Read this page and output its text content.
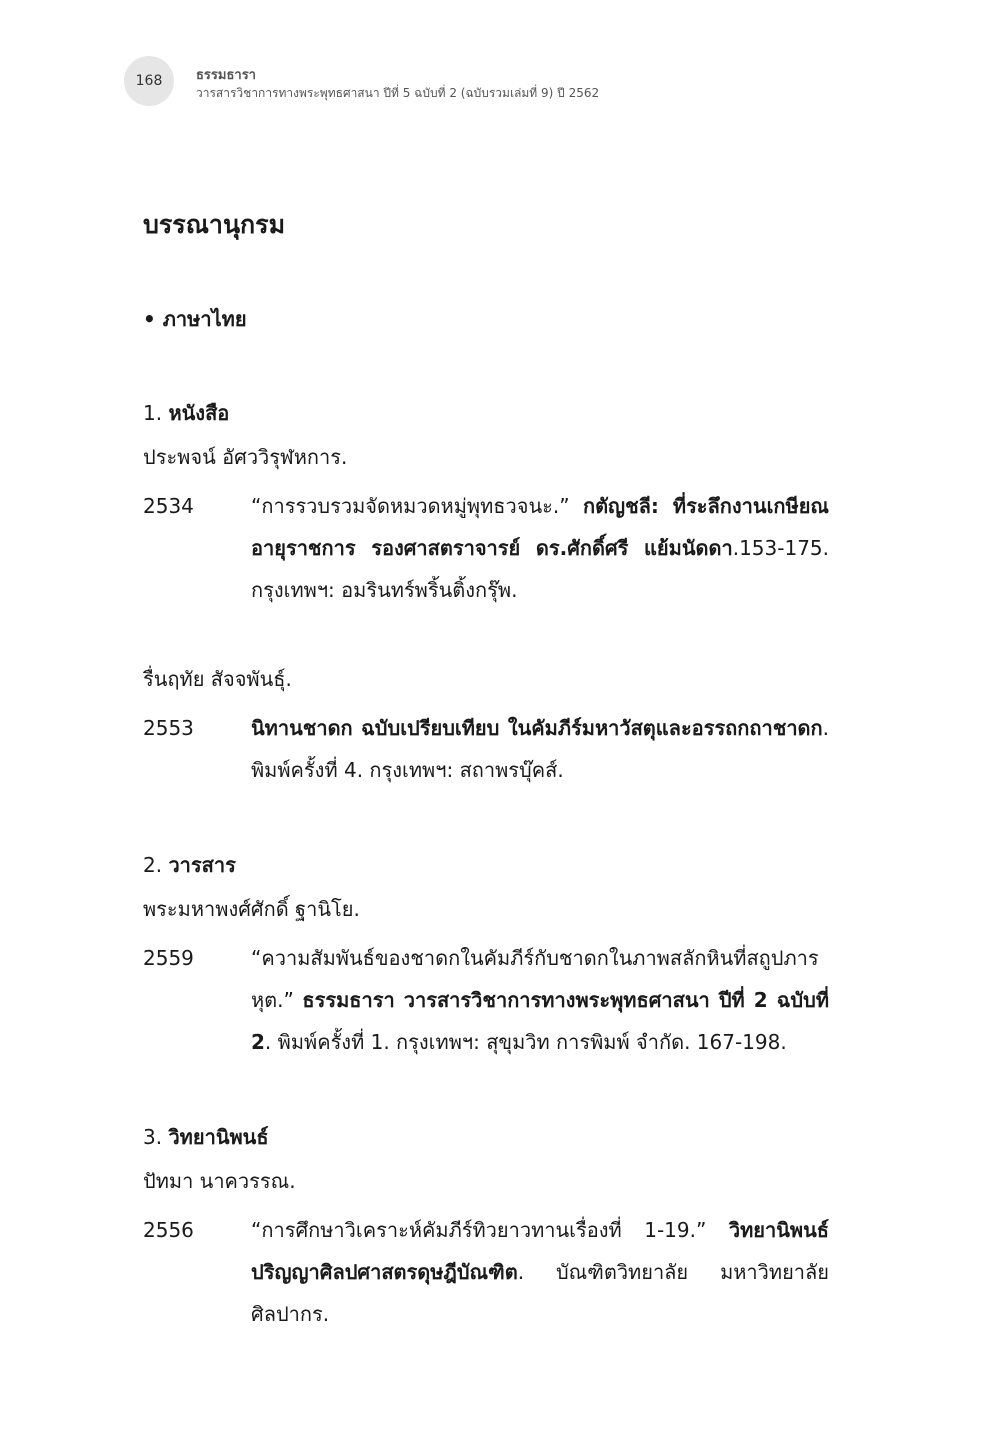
168	ธรรมธารา
วารสารวิชาการทางพระพุทธศาสนา ปีที่ 5 ฉบับที่ 2 (ฉบับรวมเล่มที่ 9) ปี 2562
บรรณานุกรม
• ภาษาไทย
1. หนังสือ
ประพจน์ อัศววิรุฬหการ.
2534	“การรวบรวมจัดหมวดหมู่พุทธวจนะ.” กตัญชลี: ที่ระลึกงานเกษียณอายุราชการ รองศาสตราจารย์ ดร.ศักดิ์ศรี แย้มนัดดา.153-175. กรุงเทพฯ: อมรินทร์พริ้นติ้งกรุ๊พ.
รื่นฤทัย สัจจพันธุ์.
2553	นิทานชาดก ฉบับเปรียบเทียบ ในคัมภีร์มหาวัสตุและอรรถกถาชาดก. พิมพ์ครั้งที่ 4. กรุงเทพฯ: สถาพรบุ๊คส์.
2. วารสาร
พระมหาพงศ์ศักดิ์ ฐานิโย.
2559	“ความสัมพันธ์ของชาดกในคัมภีร์กับชาดกในภาพสลักหินที่สถูปภารหุต.” ธรรมธารา วารสารวิชาการทางพระพุทธศาสนา ปีที่ 2 ฉบับที่ 2. พิมพ์ครั้งที่ 1. กรุงเทพฯ: สุขุมวิท การพิมพ์ จำกัด. 167-198.
3. วิทยานิพนธ์
ปัทมา นาควรรณ.
2556	“การศึกษาวิเคราะห์คัมภีร์ทิวยาวทานเรื่องที่ 1-19.” วิทยานิพนธ์ปริญญาศิลปศาสตรดุษฎีบัณฑิต. บัณฑิตวิทยาลัย มหาวิทยาลัยศิลปากร.
